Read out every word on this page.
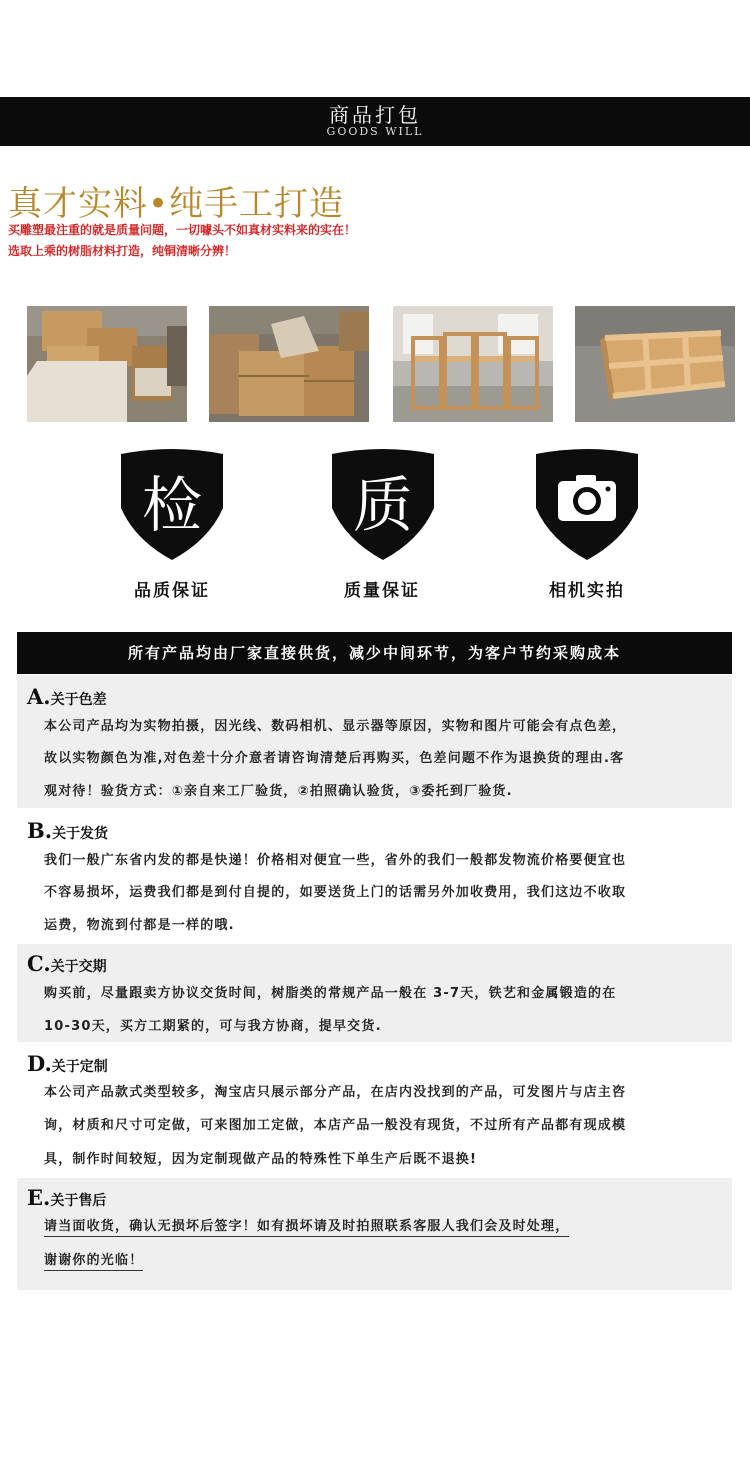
商品打包
GOODS WILL
真才实料•纯手工打造
买雕塑最注重的就是质量问题，一切噱头不如真材实料来的实在！
选取上乘的树脂材料打造，纯铜清晰分辨！
检	质
品质保证	质量保证	相机实拍
所有产品均由厂家直接供货，减少中间环节，为客户节约采购成本
A.关于色差
本公司产品均为实物拍摄，因光线、数码相机、显示器等原因，实物和图片可能会有点色差，
故以实物颜色为准,对色差十分介意者请咨询清楚后再购买，色差问题不作为退换货的理由.客
观对待！验货方式：①亲自来工厂验货，②拍照确认验货，③委托到厂验货.
B.关于发货
我们一般广东省内发的都是快递！价格相对便宜一些，省外的我们一般都发物流价格要便宜也
不容易损坏，运费我们都是到付自提的，如要送货上门的话需另外加收费用，我们这边不收取
运费，物流到付都是一样的哦.
C.关于交期
购买前，尽量跟卖方协议交货时间，树脂类的常规产品一般在 3-7天，铁艺和金属锻造的在
10-30天，买方工期紧的，可与我方协商，提早交货.
D.关于定制
本公司产品款式类型较多，淘宝店只展示部分产品，在店内没找到的产品，可发图片与店主咨
询，材质和尺寸可定做，可来图加工定做，本店产品一般没有现货，不过所有产品都有现成模
具，制作时间较短，因为定制现做产品的特殊性下单生产后既不退换!
E.关于售后
请当面收货，确认无损坏后签字！如有损坏请及时拍照联系客服人我们会及时处理，
谢谢你的光临！
